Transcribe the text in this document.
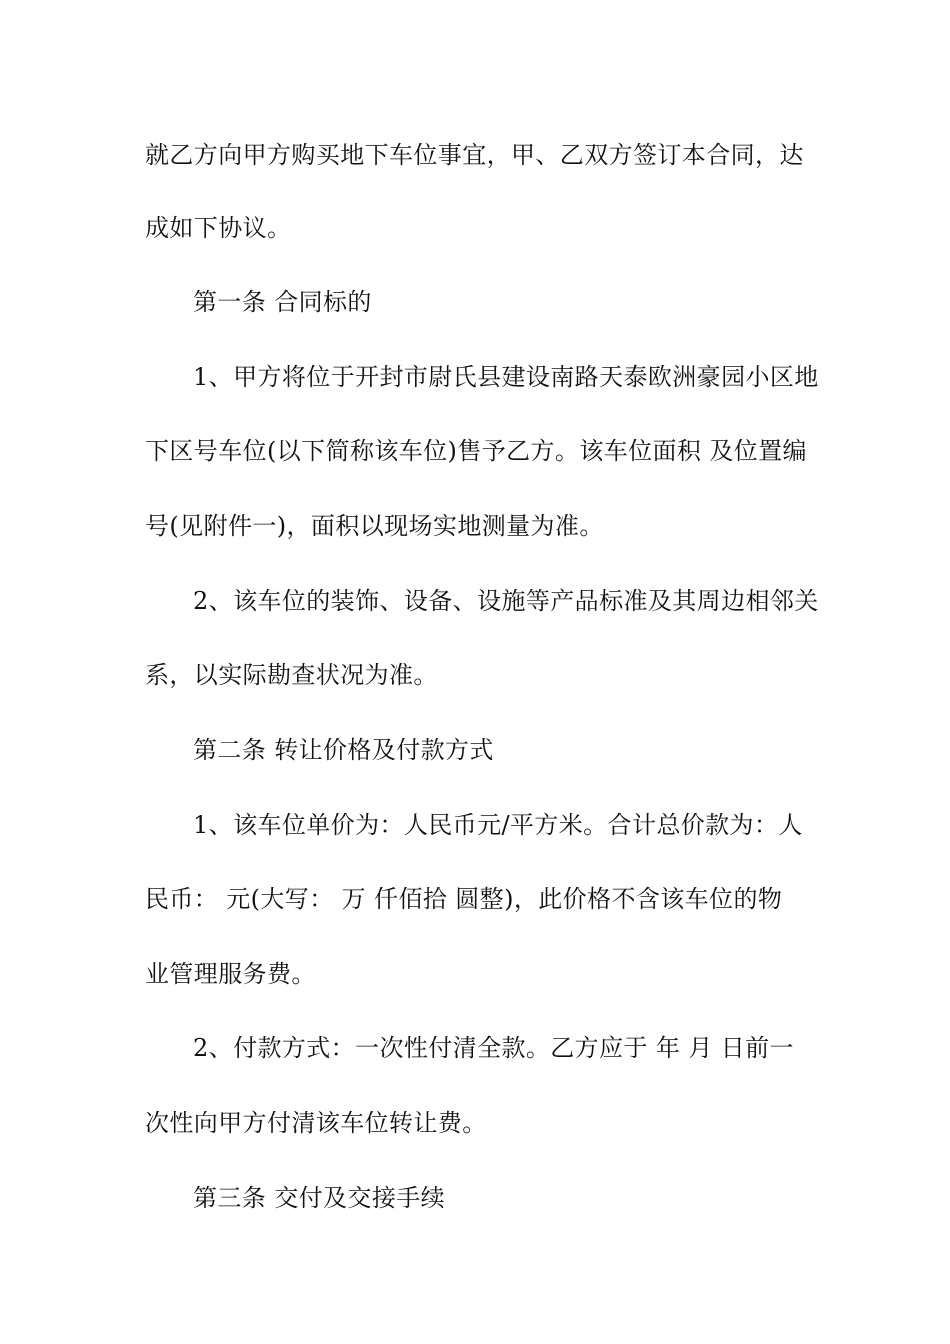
就乙方向甲方购买地下车位事宜，甲、乙双方签订本合同，达

成如下协议。

第一条 合同标的

1、甲方将位于开封市尉氏县建设南路天泰欧洲豪园小区地

下区号车位(以下简称该车位)售予乙方。该车位面积 及位置编

号(见附件一)，面积以现场实地测量为准。

2、该车位的装饰、设备、设施等产品标准及其周边相邻关

系，以实际勘查状况为准。

第二条 转让价格及付款方式

1、该车位单价为：人民币元/平方米。合计总价款为：人

民币： 元(大写： 万 仟佰拾 圆整)，此价格不含该车位的物

业管理服务费。

2、付款方式：一次性付清全款。乙方应于 年 月 日前一

次性向甲方付清该车位转让费。

第三条 交付及交接手续
